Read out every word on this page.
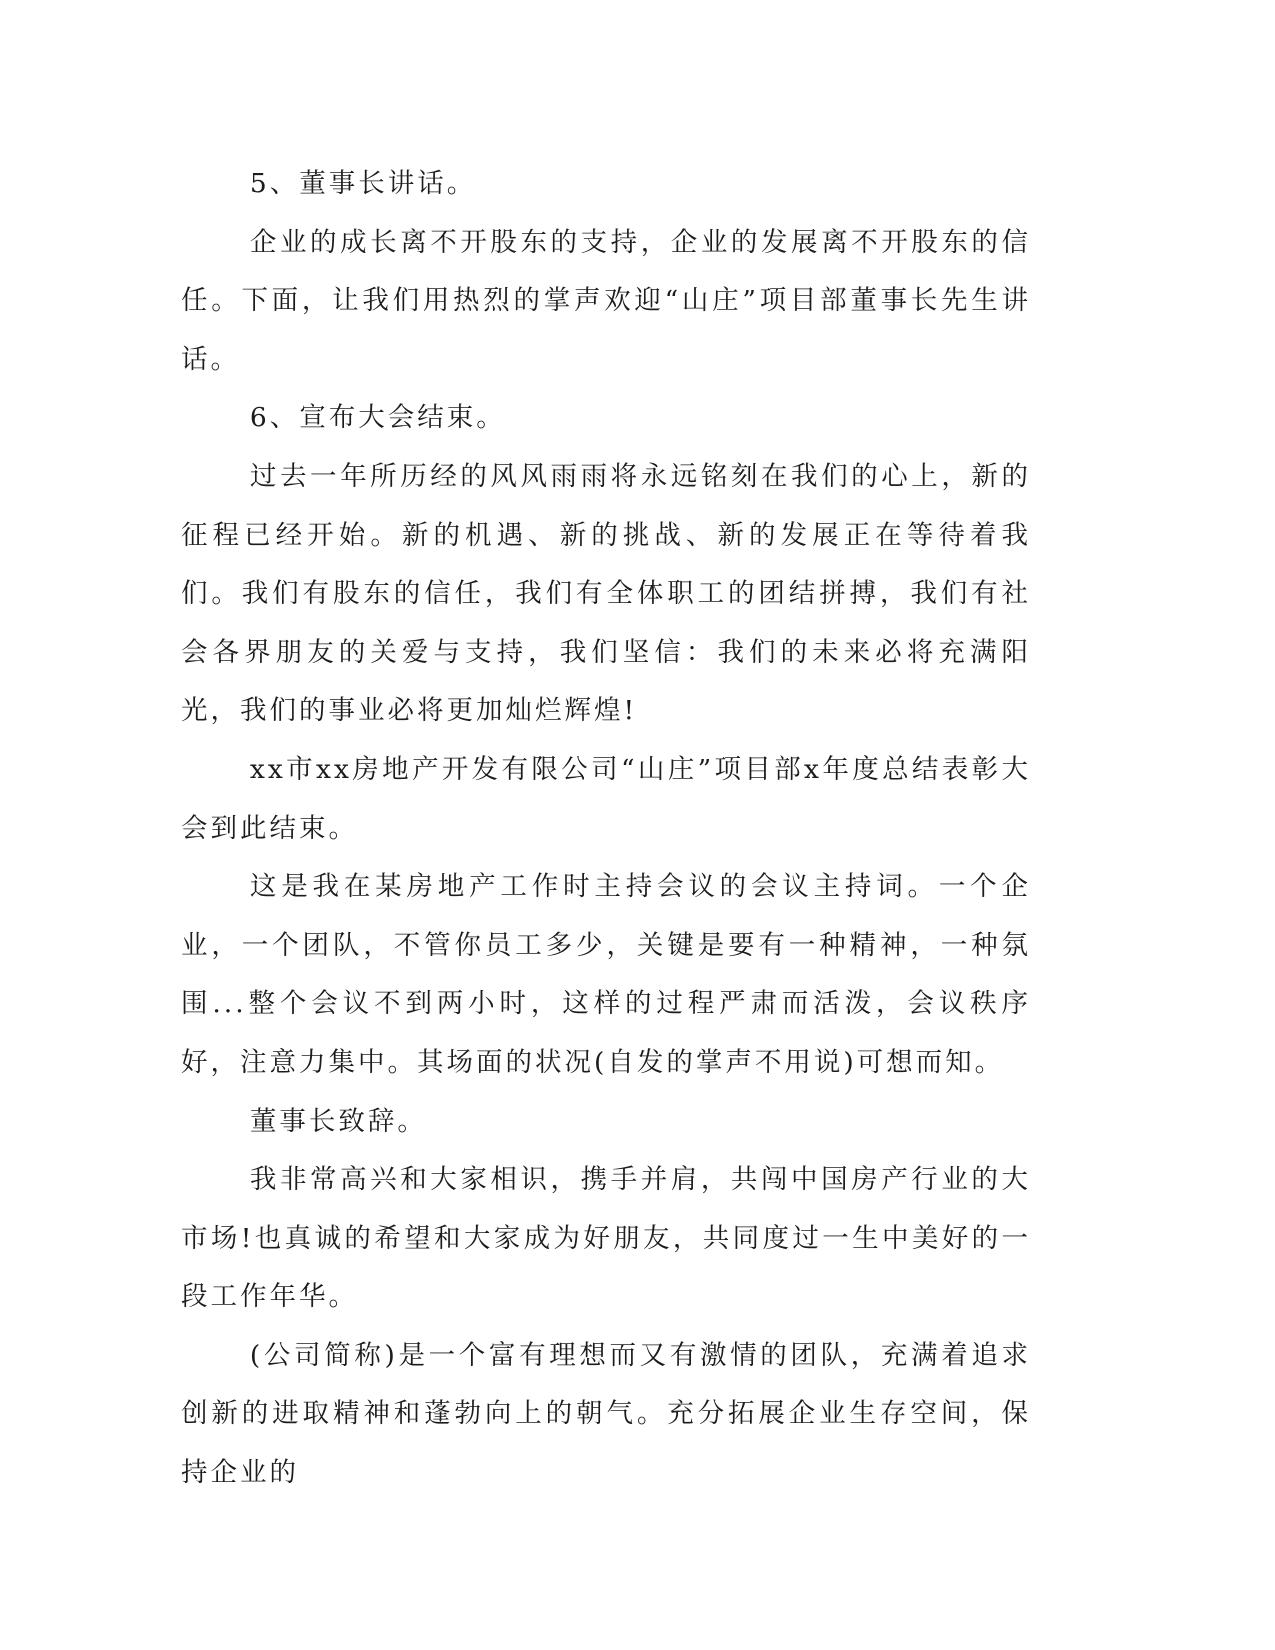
5、董事长讲话。

企业的成长离不开股东的支持，企业的发展离不开股东的信任。下面，让我们用热烈的掌声欢迎“山庄”项目部董事长先生讲话。

6、宣布大会结束。

过去一年所历经的风风雨雨将永远铭刻在我们的心上，新的征程已经开始。新的机遇、新的挑战、新的发展正在等待着我们。我们有股东的信任，我们有全体职工的团结拼搏，我们有社会各界朋友的关爱与支持，我们坚信：我们的未来必将充满阳光，我们的事业必将更加灿烂辉煌!

xx市xx房地产开发有限公司“山庄”项目部x年度总结表彰大会到此结束。

这是我在某房地产工作时主持会议的会议主持词。一个企业，一个团队，不管你员工多少，关键是要有一种精神，一种氛围...整个会议不到两小时，这样的过程严肃而活泼，会议秩序好，注意力集中。其场面的状况(自发的掌声不用说)可想而知。

董事长致辞。

我非常高兴和大家相识，携手并肩，共闯中国房产行业的大市场!也真诚的希望和大家成为好朋友，共同度过一生中美好的一段工作年华。

(公司简称)是一个富有理想而又有激情的团队，充满着追求创新的进取精神和蓬勃向上的朝气。充分拓展企业生存空间，保持企业的
